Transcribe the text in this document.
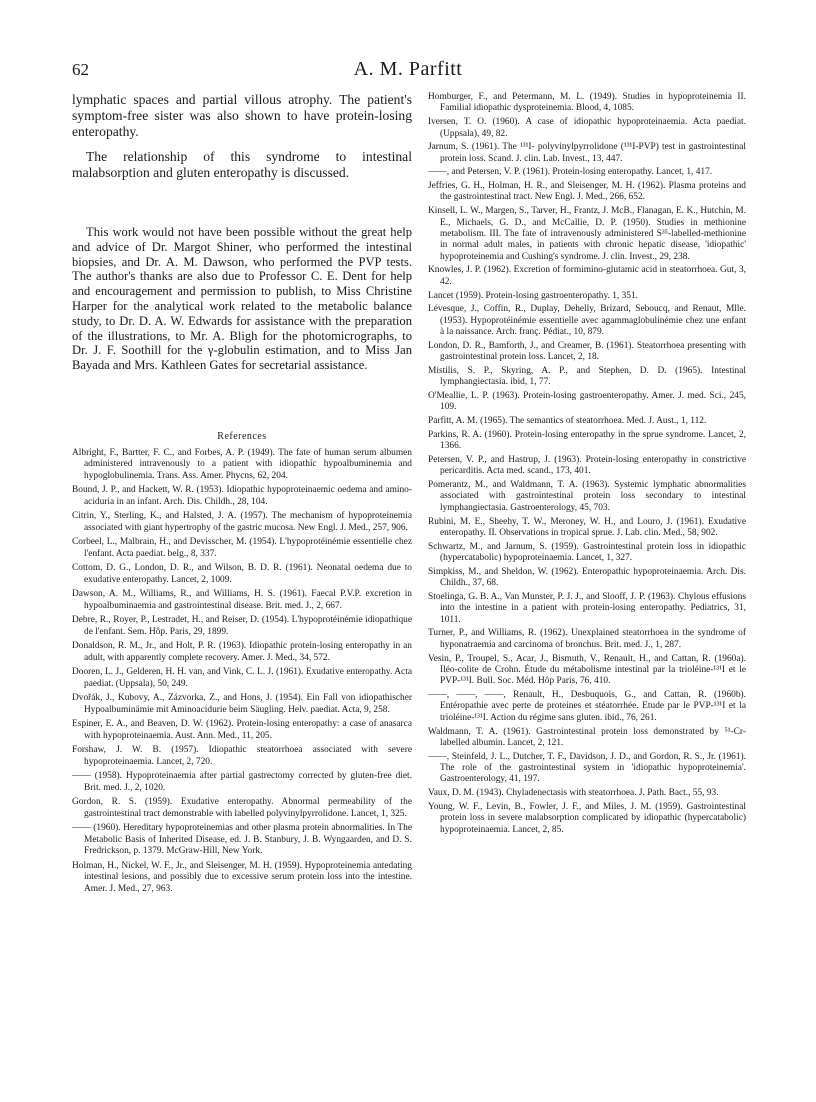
62	A. M. Parfitt

lymphatic spaces and partial villous atrophy. The patient's symptom-free sister was also shown to have protein-losing enteropathy.

The relationship of this syndrome to intestinal malabsorption and gluten enteropathy is discussed.

This work would not have been possible without the great help and advice of Dr. Margot Shiner, who performed the intestinal biopsies, and Dr. A. M. Dawson, who performed the PVP tests. The author's thanks are also due to Professor C. E. Dent for help and encouragement and permission to publish, to Miss Christine Harper for the analytical work related to the metabolic balance study, to Dr. D. A. W. Edwards for assistance with the preparation of the illustrations, to Mr. A. Bligh for the photomicrographs, to Dr. J. F. Soothill for the γ-globulin estimation, and to Miss Jan Bayada and Mrs. Kathleen Gates for secretarial assistance.

References

Albright, F., Bartter, F. C., and Forbes, A. P. (1949). The fate of human serum albumen administered intravenously to a patient with idiopathic hypoalbuminemia and hypoglobulinemia. Trans. Ass. Amer. Phycns, 62, 204.

Bound, J. P., and Hackett, W. R. (1953). Idiopathic hypoproteinaemic oedema and amino-aciduria in an infant. Arch. Dis. Childh., 28, 104.

Citrin, Y., Sterling, K., and Halsted, J. A. (1957). The mechanism of hypoproteinemia associated with giant hypertrophy of the gastric mucosa. New Engl. J. Med., 257, 906.

Corbeel, L., Malbrain, H., and Devisscher, M. (1954). L'hypoprotéinémie essentielle chez l'enfant. Acta paediat. belg., 8, 337.

Cottom, D. G., London, D. R., and Wilson, B. D. R. (1961). Neonatal oedema due to exudative enteropathy. Lancet, 2, 1009.

Dawson, A. M., Williams, R., and Williams, H. S. (1961). Faecal P.V.P. excretion in hypoalbuminaemia and gastrointestinal disease. Brit. med. J., 2, 667.

Debre, R., Royer, P., Lestradet, H., and Reiser, D. (1954). L'hypoprotéinémie idiopathique de l'enfant. Sem. Hôp. Paris, 29, 1899.

Donaldson, R. M., Jr., and Holt, P. R. (1963). Idiopathic protein-losing enteropathy in an adult, with apparently complete recovery. Amer. J. Med., 34, 572.

Dooren, L. J., Gelderen, H. H. van, and Vink, C. L. J. (1961). Exudative enteropathy. Acta paediat. (Uppsala), 50, 249.

Dvořák, J., Kubovy, A., Zázvorka, Z., and Hons, J. (1954). Ein Fall von idiopathischer Hypoalbuminämie mit Aminoacidurie beim Säugling. Helv. paediat. Acta, 9, 258.

Espiner, E. A., and Beaven, D. W. (1962). Protein-losing enteropathy: a case of anasarca with hypoproteinaemia. Aust. Ann. Med., 11, 205.

Forshaw, J. W. B. (1957). Idiopathic steatorrhoea associated with severe hypoproteinaemia. Lancet, 2, 720.

—— (1958). Hypoproteinaemia after partial gastrectomy corrected by gluten-free diet. Brit. med. J., 2, 1020.

Gordon, R. S. (1959). Exudative enteropathy. Abnormal permeability of the gastrointestinal tract demonstrable with labelled polyvinylpyrrolidone. Lancet, 1, 325.

—— (1960). Hereditary hypoproteinemias and other plasma protein abnormalities. In The Metabolic Basis of Inherited Disease, ed. J. B. Stanbury, J. B. Wyngaarden, and D. S. Fredrickson, p. 1379. McGraw-Hill, New York.

Holman, H., Nickel, W. F., Jr., and Sleisenger, M. H. (1959). Hypoproteinemia antedating intestinal lesions, and possibly due to excessive serum protein loss into the intestine. Amer. J. Med., 27, 963.

Homburger, F., and Petermann, M. L. (1949). Studies in hypoproteinemia II. Familial idiopathic dysproteinemia. Blood, 4, 1085.

Iversen, T. O. (1960). A case of idiopathic hypoproteinaemia. Acta paediat. (Uppsala), 49, 82.

Jarnum, S. (1961). The ¹³¹I- polyvinylpyrrolidone (¹³¹I-PVP) test in gastrointestinal protein loss. Scand. J. clin. Lab. Invest., 13, 447.

——, and Petersen, V. P. (1961). Protein-losing enteropathy. Lancet, 1, 417.

Jeffries, G. H., Holman, H. R., and Sleisenger, M. H. (1962). Plasma proteins and the gastrointestinal tract. New Engl. J. Med., 266, 652.

Kinsell, L. W., Margen, S., Tarver, H., Frantz, J. McB., Flanagan, E. K., Hutchin, M. E., Michaels, G. D., and McCallie, D. P. (1950). Studies in methionine metabolism. III. The fate of intravenously administered S³⁵-labelled-methionine in normal adult males, in patients with chronic hepatic disease, 'idiopathic' hypoproteinemia and Cushing's syndrome. J. clin. Invest., 29, 238.

Knowles, J. P. (1962). Excretion of formimino-glutamic acid in steatorrhoea. Gut, 3, 42.

Lancet (1959). Protein-losing gastroenteropathy. 1, 351.

Lévesque, J., Coffin, R., Duplay, Dehelly, Brizard, Seboucq, and Renaut, Mlle. (1953). Hypoprotéinémie essentielle avec agammaglobulinémie chez une enfant à la naissance. Arch. franç. Pédiat., 10, 879.

London, D. R., Bamforth, J., and Creamer, B. (1961). Steatorrhoea presenting with gastrointestinal protein loss. Lancet, 2, 18.

Mistilis, S. P., Skyring, A. P., and Stephen, D. D. (1965). Intestinal lymphangiectasia. ibid, 1, 77.

O'Meallie, L. P. (1963). Protein-losing gastroenteropathy. Amer. J. med. Sci., 245, 109.

Parfitt, A. M. (1965). The semantics of steatorrhoea. Med. J. Aust., 1, 112.

Parkins, R. A. (1960). Protein-losing enteropathy in the sprue syndrome. Lancet, 2, 1366.

Petersen, V. P., and Hastrup, J. (1963). Protein-losing enteropathy in constrictive pericarditis. Acta med. scand., 173, 401.

Pomerantz, M., and Waldmann, T. A. (1963). Systemic lymphatic abnormalities associated with gastrointestinal protein loss secondary to intestinal lymphangiectasia. Gastroenterology, 45, 703.

Rubini, M. E., Sheehy, T. W., Meroney, W. H., and Louro, J. (1961). Exudative enteropathy. II. Observations in tropical sprue. J. Lab. clin. Med., 58, 902.

Schwartz, M., and Jarnum, S. (1959). Gastrointestinal protein loss in idiopathic (hypercatabolic) hypoproteinaemia. Lancet, 1, 327.

Simpkiss, M., and Sheldon, W. (1962). Enteropathic hypoproteinaemia. Arch. Dis. Childh., 37, 68.

Stoelinga, G. B. A., Van Munster, P. J. J., and Slooff, J. P. (1963). Chylous effusions into the intestine in a patient with protein-losing enteropathy. Pediatrics, 31, 1011.

Turner, P., and Williams, R. (1962). Unexplained steatorrhoea in the syndrome of hyponatraemia and carcinoma of bronchus. Brit. med. J., 1, 287.

Vesin, P., Troupel, S., Acar, J., Bismuth, V., Renault, H., and Cattan, R. (1960a). Iléo-colite de Crohn. Étude du métabolisme intestinal par la trioléine-¹³¹I et le PVP-¹³¹I. Bull. Soc. Méd. Hôp Paris, 76, 410.

——, ——, ——, Renault, H., Desbuquois, G., and Cattan, R. (1960b). Entéropathie avec perte de proteines et stéatorrhée. Etude par le PVP-¹³¹I et la trioléine-¹³¹I. Action du régime sans gluten. ibid., 76, 261.

Waldmann, T. A. (1961). Gastrointestinal protein loss demonstrated by ⁵¹-Cr-labelled albumin. Lancet, 2, 121.

——, Steinfeld, J. L., Dutcher, T. F., Davidson, J. D., and Gordon, R. S., Jr. (1961). The role of the gastrointestinal system in 'idiopathic hypoproteinemia'. Gastroenterology, 41, 197.

Vaux, D. M. (1943). Chyladenectasis with steatorrhoea. J. Path. Bact., 55, 93.

Young, W. F., Levin, B., Fowler, J. F., and Miles, J. M. (1959). Gastrointestinal protein loss in severe malabsorption complicated by idiopathic (hypercatabolic) hypoproteinaemia. Lancet, 2, 85.
